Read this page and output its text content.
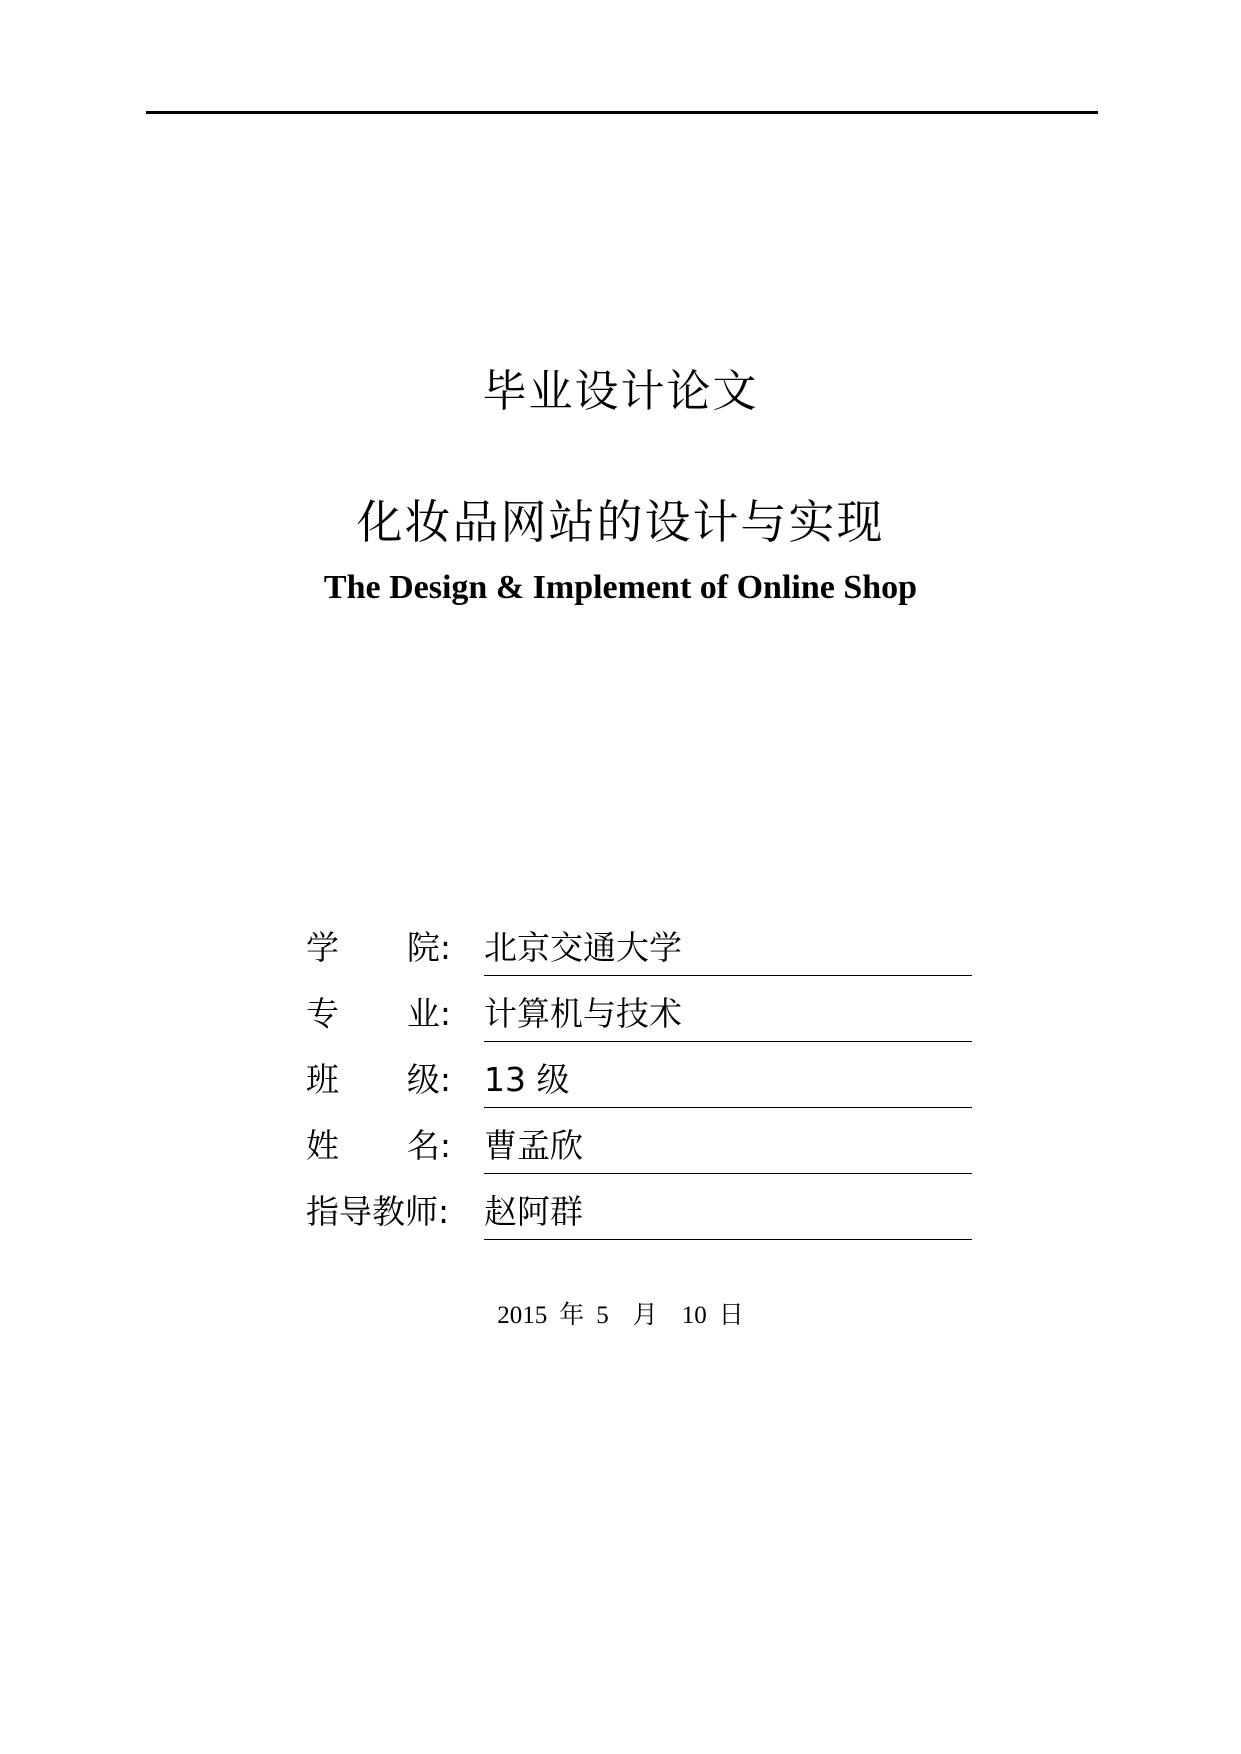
毕业设计论文
化妆品网站的设计与实现
The Design & Implement of Online Shop
学 院: 北京交通大学
专 业: 计算机与技术
班 级: 13 级
姓 名: 曹孟欣
指导教师: 赵阿群
2015 年 5 月 10 日
